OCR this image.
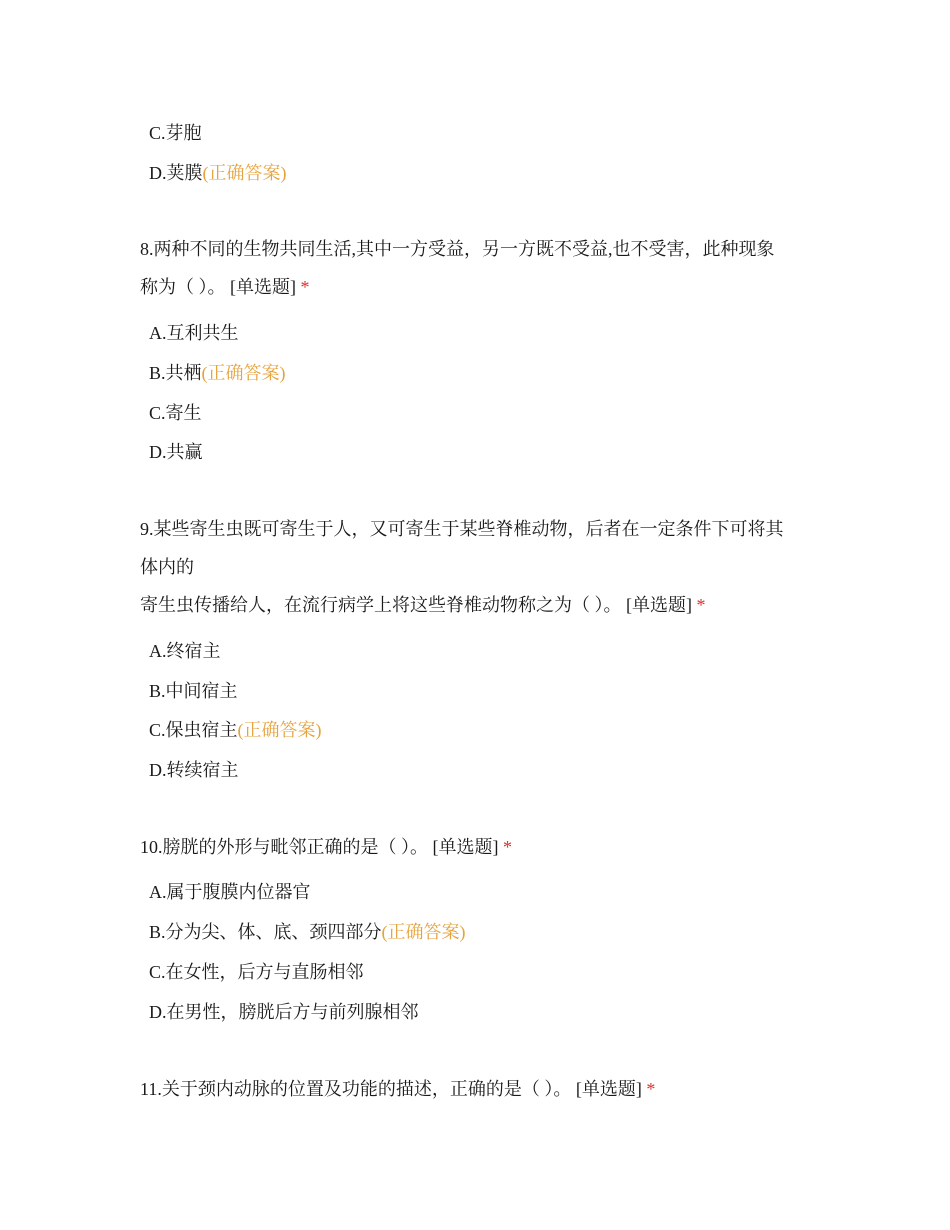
C.芽胞
D.荚膜(正确答案)
8.两种不同的生物共同生活,其中一方受益，另一方既不受益,也不受害，此种现象
称为（ ）。 [单选题] *
A.互利共生
B.共栖(正确答案)
C.寄生
D.共赢
9.某些寄生虫既可寄生于人，又可寄生于某些脊椎动物，后者在一定条件下可将其
体内的
寄生虫传播给人，在流行病学上将这些脊椎动物称之为（ ）。 [单选题] *
A.终宿主
B.中间宿主
C.保虫宿主(正确答案)
D.转续宿主
10.膀胱的外形与毗邻正确的是（ ）。 [单选题] *
A.属于腹膜内位器官
B.分为尖、体、底、颈四部分(正确答案)
C.在女性，后方与直肠相邻
D.在男性，膀胱后方与前列腺相邻
11.关于颈内动脉的位置及功能的描述，正确的是（ ）。 [单选题] *
